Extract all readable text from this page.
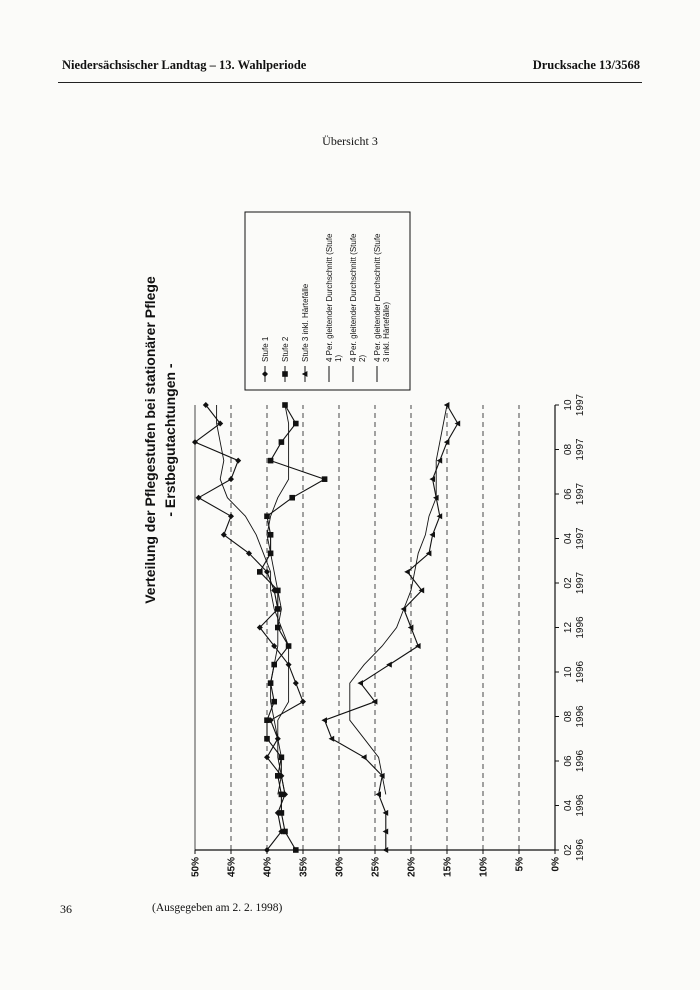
Niedersächsischer Landtag – 13. Wahlperiode	Drucksache 13/3568
Übersicht 3
Verteilung der Pflegestufen bei stationärer Pflege - Erstbegutachtungen -
50%	45%	40%	35%	30%	25%	20%	15%	10%	5%	0%
02 1996
04 1996
06 1996
08 1996
10 1996
12 1996
02 1997
04 1997
06 1997
08 1997
10 1997
Stufe 1 Stufe 2 Stufe 3 inkl. Härtefälle 4 Per. gleitender Durchschnitt (Stufe1) 4 Per. gleitender Durchschnitt (Stufe2) 4 Per. gleitender Durchschnitt (Stufe3 inkl. Härtefälle)
36	(Ausgegeben am 2. 2. 1998)
